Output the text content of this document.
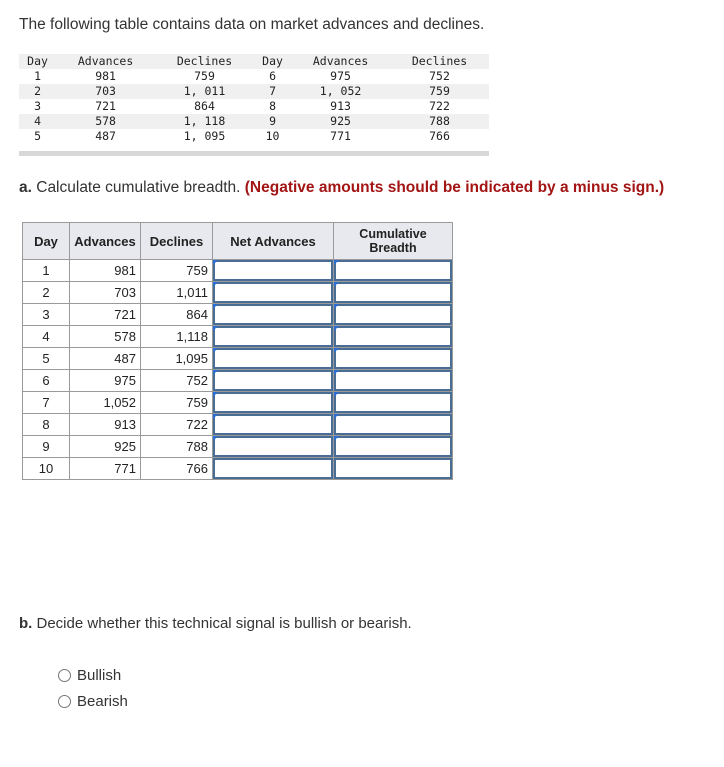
The following table contains data on market advances and declines.
Day	Advances	Declines	Day	Advances	Declines
1	981	759	6	975	752
2	703	1, 011	7	1, 052	759
3	721	864	8	913	722
4	578	1, 118	9	925	788
5	487	1, 095	10	771	766
a. Calculate cumulative breadth. (Negative amounts should be indicated by a minus sign.)
Day	Advances	Declines	Net Advances	Cumulative Breadth
1	981	759	

2	703	1,011	

3	721	864	

4	578	1,118	

5	487	1,095	

6	975	752	

7	1,052	759	

8	913	722	

9	925	788	

10	771	766	

b. Decide whether this technical signal is bullish or bearish.
Bullish
Bearish
